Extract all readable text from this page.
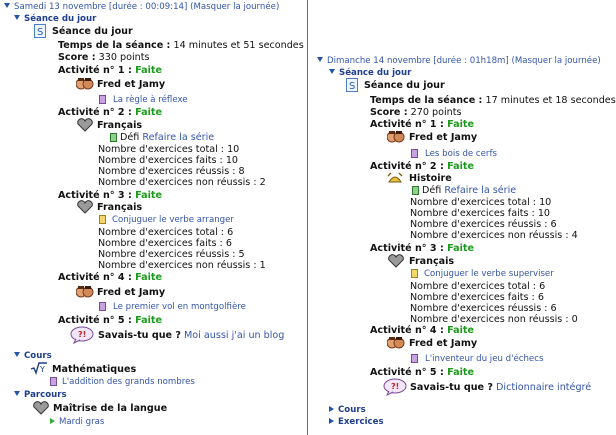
Samedi 13 novembre [durée : 00:09:14] (Masquer la journée)
Séance du jour
S Séance du jour
Temps de la séance : 14 minutes et 51 secondes
Score : 330 points
Activité n° 1 : Faite
Fred et Jamy
La règle à réflexe
Activité n° 2 : Faite
Français
Défi Refaire la série
Nombre d'exercices total : 10
Nombre d'exercices faits : 10
Nombre d'exercices réussis : 8
Nombre d'exercices non réussis : 2
Activité n° 3 : Faite
Français
Conjuguer le verbe arranger
Nombre d'exercices total : 6
Nombre d'exercices faits : 6
Nombre d'exercices réussis : 5
Nombre d'exercices non réussis : 1
Activité n° 4 : Faite
Fred et Jamy
Le premier vol en montgolfière
Activité n° 5 : Faite
?! Savais-tu que ? Moi aussi j'ai un blog
Cours
Y Mathématiques
L'addition des grands nombres
Parcours
Maîtrise de la langue
Mardi gras
Dimanche 14 novembre [durée : 01h18m] (Masquer la journée)
Séance du jour
S Séance du jour
Temps de la séance : 17 minutes et 18 secondes
Score : 270 points
Activité n° 1 : Faite
Fred et Jamy
Les bois de cerfs
Activité n° 2 : Faite
Histoire
Défi Refaire la série
Nombre d'exercices total : 10
Nombre d'exercices faits : 10
Nombre d'exercices réussis : 6
Nombre d'exercices non réussis : 4
Activité n° 3 : Faite
Français
Conjuguer le verbe superviser
Nombre d'exercices total : 6
Nombre d'exercices faits : 6
Nombre d'exercices réussis : 6
Nombre d'exercices non réussis : 0
Activité n° 4 : Faite
Fred et Jamy
L'inventeur du jeu d'échecs
Activité n° 5 : Faite
?! Savais-tu que ? Dictionnaire intégré
Cours
Exercices
